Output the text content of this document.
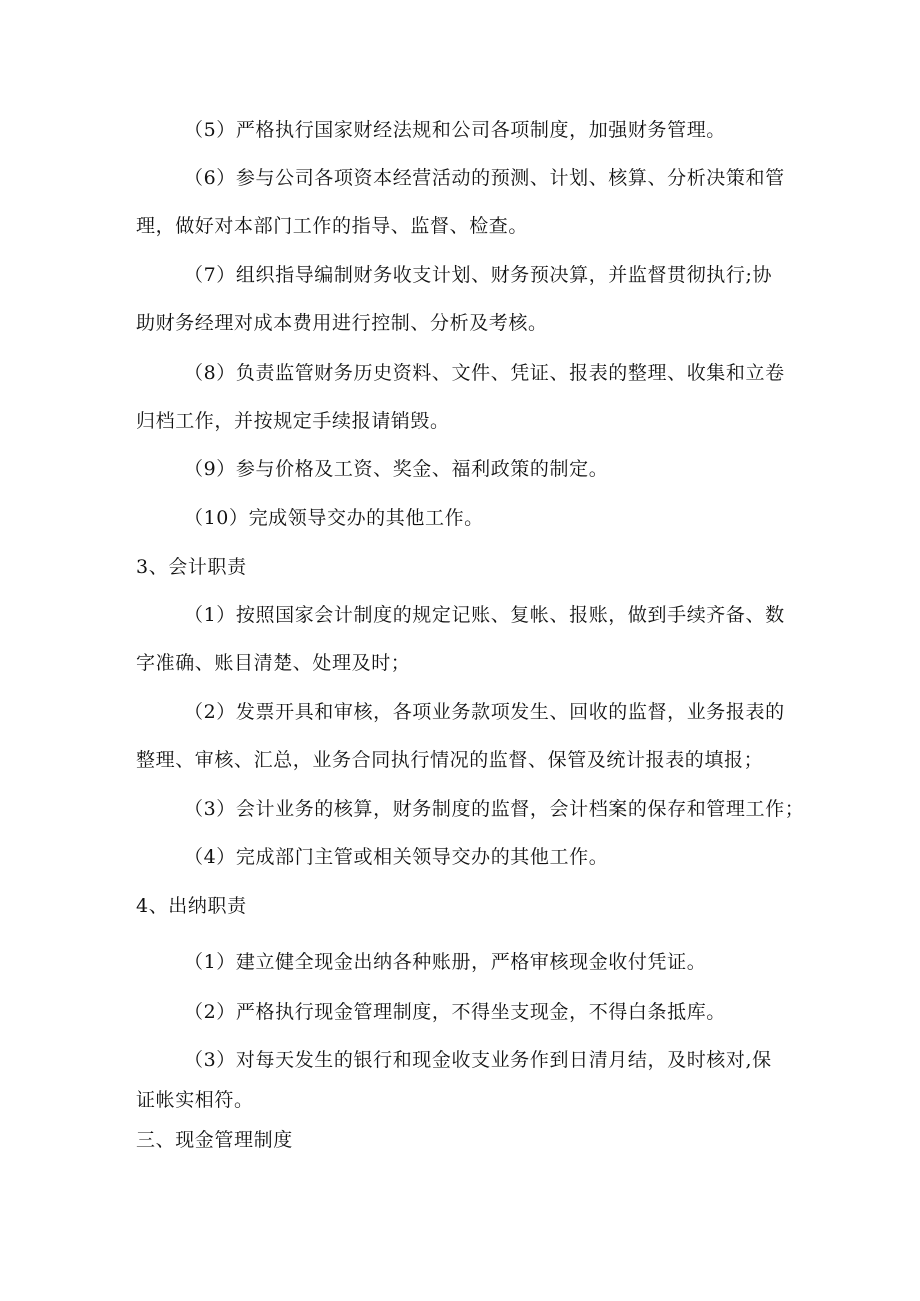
（5）严格执行国家财经法规和公司各项制度，加强财务管理。

（6）参与公司各项资本经营活动的预测、计划、核算、分析决策和管理，做好对本部门工作的指导、监督、检查。

（7）组织指导编制财务收支计划、财务预决算，并监督贯彻执行;协助财务经理对成本费用进行控制、分析及考核。

（8）负责监管财务历史资料、文件、凭证、报表的整理、收集和立卷归档工作，并按规定手续报请销毁。

（9）参与价格及工资、奖金、福利政策的制定。

（10）完成领导交办的其他工作。

3、会计职责

（1）按照国家会计制度的规定记账、复帐、报账，做到手续齐备、数字准确、账目清楚、处理及时；

（2）发票开具和审核，各项业务款项发生、回收的监督，业务报表的整理、审核、汇总，业务合同执行情况的监督、保管及统计报表的填报；

（3）会计业务的核算，财务制度的监督，会计档案的保存和管理工作；

（4）完成部门主管或相关领导交办的其他工作。

4、出纳职责

（1）建立健全现金出纳各种账册，严格审核现金收付凭证。

（2）严格执行现金管理制度，不得坐支现金，不得白条抵库。

（3）对每天发生的银行和现金收支业务作到日清月结，及时核对,保证帐实相符。

三、现金管理制度
